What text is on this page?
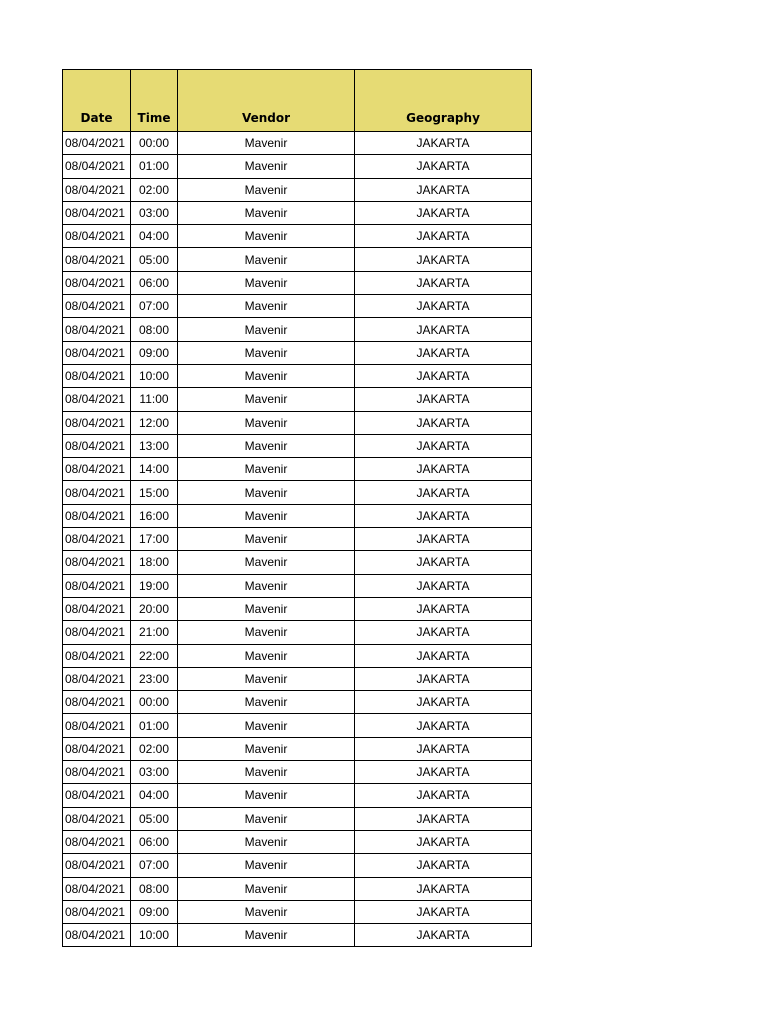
Date	Time	Vendor	Geography
08/04/2021	00:00	Mavenir	JAKARTA
08/04/2021	01:00	Mavenir	JAKARTA
08/04/2021	02:00	Mavenir	JAKARTA
08/04/2021	03:00	Mavenir	JAKARTA
08/04/2021	04:00	Mavenir	JAKARTA
08/04/2021	05:00	Mavenir	JAKARTA
08/04/2021	06:00	Mavenir	JAKARTA
08/04/2021	07:00	Mavenir	JAKARTA
08/04/2021	08:00	Mavenir	JAKARTA
08/04/2021	09:00	Mavenir	JAKARTA
08/04/2021	10:00	Mavenir	JAKARTA
08/04/2021	11:00	Mavenir	JAKARTA
08/04/2021	12:00	Mavenir	JAKARTA
08/04/2021	13:00	Mavenir	JAKARTA
08/04/2021	14:00	Mavenir	JAKARTA
08/04/2021	15:00	Mavenir	JAKARTA
08/04/2021	16:00	Mavenir	JAKARTA
08/04/2021	17:00	Mavenir	JAKARTA
08/04/2021	18:00	Mavenir	JAKARTA
08/04/2021	19:00	Mavenir	JAKARTA
08/04/2021	20:00	Mavenir	JAKARTA
08/04/2021	21:00	Mavenir	JAKARTA
08/04/2021	22:00	Mavenir	JAKARTA
08/04/2021	23:00	Mavenir	JAKARTA
08/04/2021	00:00	Mavenir	JAKARTA
08/04/2021	01:00	Mavenir	JAKARTA
08/04/2021	02:00	Mavenir	JAKARTA
08/04/2021	03:00	Mavenir	JAKARTA
08/04/2021	04:00	Mavenir	JAKARTA
08/04/2021	05:00	Mavenir	JAKARTA
08/04/2021	06:00	Mavenir	JAKARTA
08/04/2021	07:00	Mavenir	JAKARTA
08/04/2021	08:00	Mavenir	JAKARTA
08/04/2021	09:00	Mavenir	JAKARTA
08/04/2021	10:00	Mavenir	JAKARTA
